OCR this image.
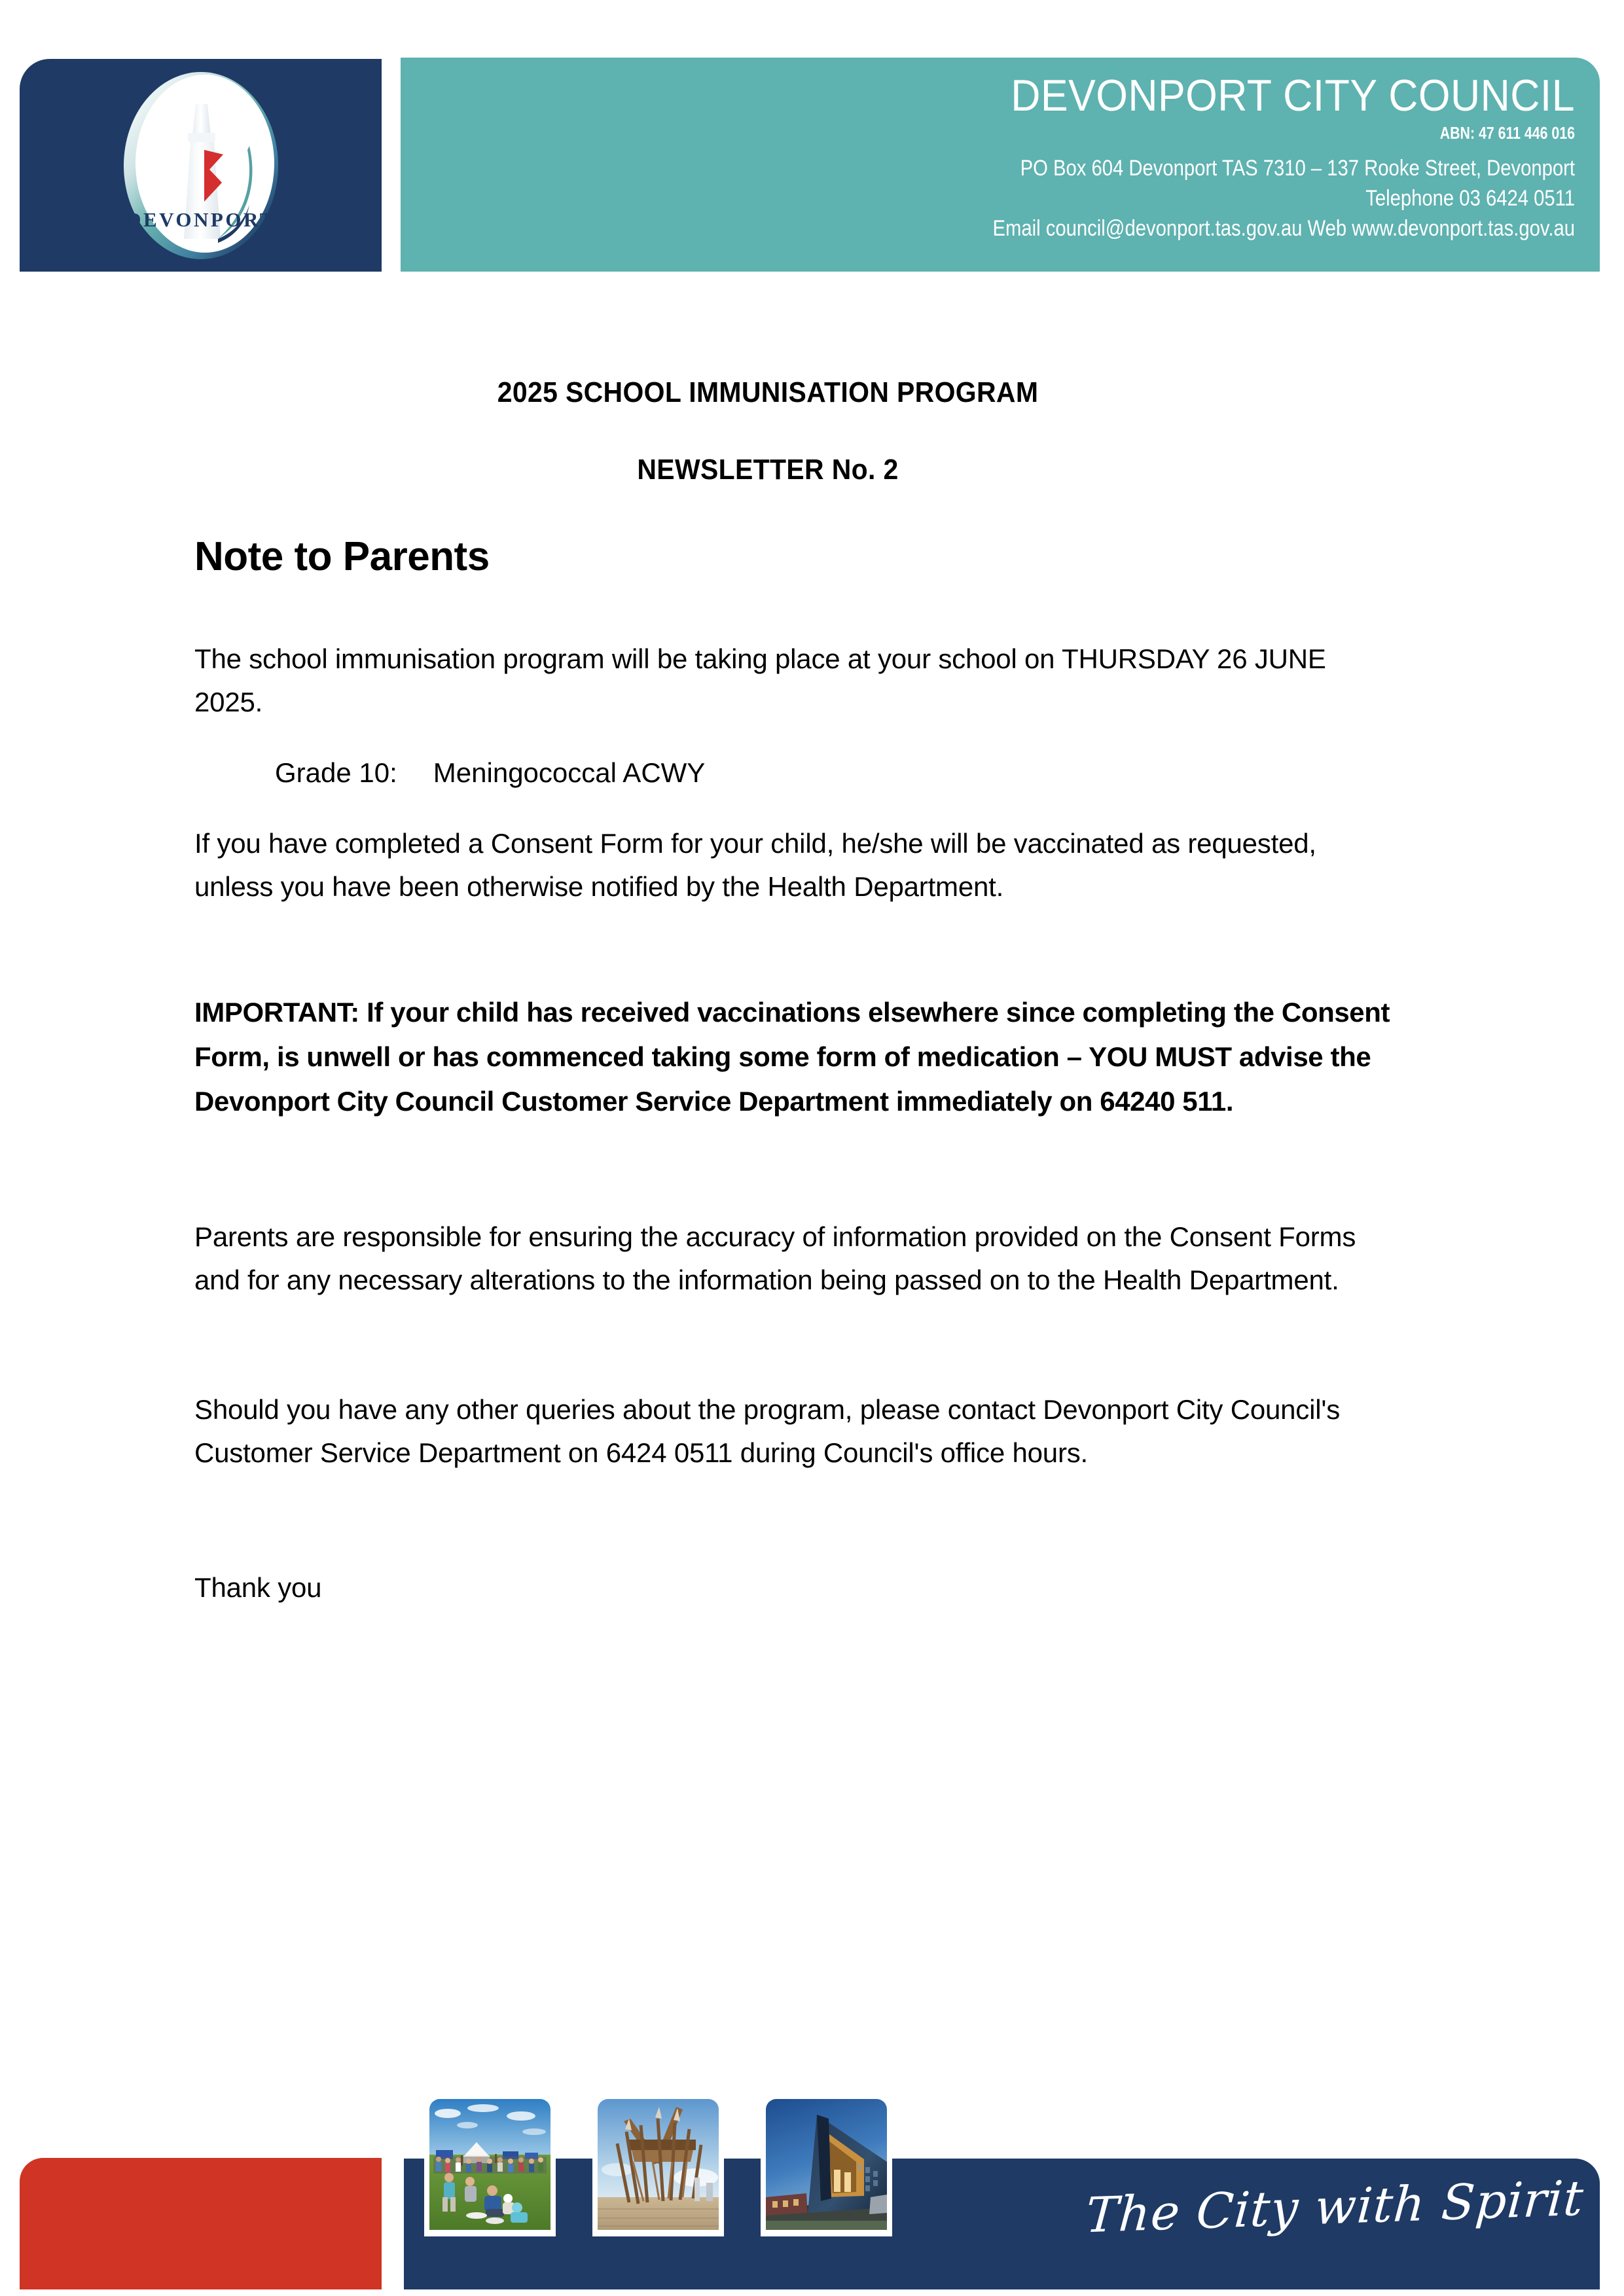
DEVONPORT
DEVONPORT CITY COUNCIL
ABN: 47 611 446 016
PO Box 604 Devonport TAS 7310 – 137 Rooke Street, Devonport
Telephone 03 6424 0511
Email council@devonport.tas.gov.au Web www.devonport.tas.gov.au
2025 SCHOOL IMMUNISATION PROGRAM
NEWSLETTER No. 2
Note to Parents
The school immunisation program will be taking place at your school on THURSDAY 26 JUNE 2025.
Grade 10: Meningococcal ACWY
If you have completed a Consent Form for your child, he/she will be vaccinated as requested, unless you have been otherwise notified by the Health Department.
IMPORTANT: If your child has received vaccinations elsewhere since completing the Consent Form, is unwell or has commenced taking some form of medication – YOU MUST advise the Devonport City Council Customer Service Department immediately on 64240 511.
Parents are responsible for ensuring the accuracy of information provided on the Consent Forms and for any necessary alterations to the information being passed on to the Health Department.
Should you have any other queries about the program, please contact Devonport City Council's Customer Service Department on 6424 0511 during Council's office hours.
Thank you
The City with Spirit
